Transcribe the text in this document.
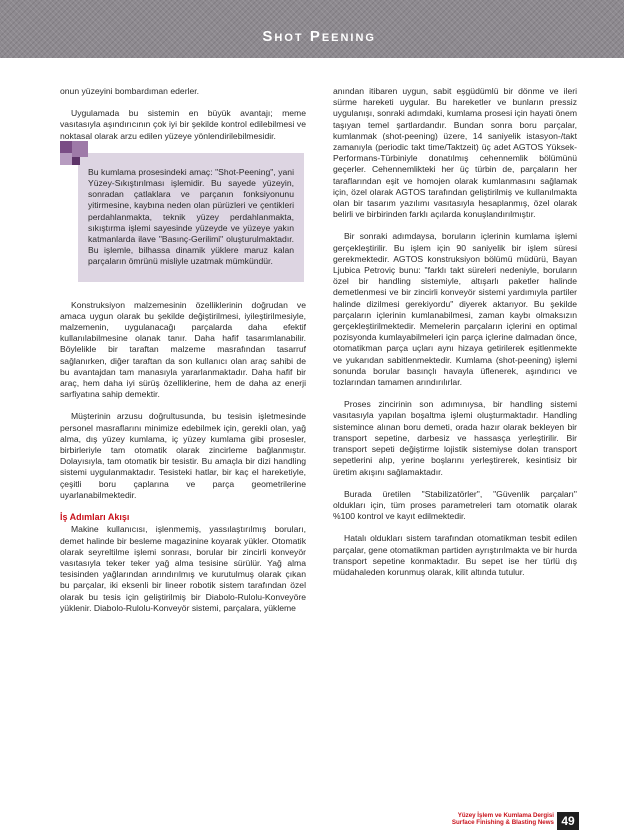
Shot Peening

onun yüzeyini bombardıman ederler.

Uygulamada bu sistemin en büyük avantajı; meme vasıtasıyla aşındırıcının çok iyi bir şekilde kontrol edilebilmesi ve noktasal olarak arzu edilen yüzeye yönlendirilebilmesidir.

Bu kumlama prosesindeki amaç: "Shot-Peening", yani Yüzey-Sıkıştırılması işlemidir. Bu sayede yüzeyin, sonradan çatlaklara ve parçanın fonksiyonunu yitirmesine, kaybına neden olan pürüzleri ve çentikleri perdahlanmakta, teknik yüzey perdahlanmakta, sıkıştırma işlemi sayesinde yüzeyde ve yüzeye yakın katmanlarda ilave "Basınç-Gerilimi" oluşturulmaktadır. Bu işlemle, bilhassa dinamik yüklere maruz kalan parçaların ömrünü misliyle uzatmak mümkündür.

Konstruksiyon malzemesinin özelliklerinin doğrudan ve amaca uygun olarak bu şekilde değiştirilmesi, iyileştirilmesiyle, malzemenin, uygulanacağı parçalarda daha efektif kullanılabilmesine olanak tanır. Daha hafif tasarımlanabilir. Böylelikle bir taraftan malzeme masrafından tasarruf sağlanırken, diğer taraftan da son kullanıcı olan araç sahibi de bu avantajdan tam manasıyla yararlanmaktadır. Daha hafif bir araç, hem daha iyi sürüş özelliklerine, hem de daha az enerji sarfiyatına sahip demektir.

Müşterinin arzusu doğrultusunda, bu tesisin işletmesinde personel masraflarını minimize edebilmek için, gerekli olan, yağ alma, dış yüzey kumlama, iç yüzey kumlama gibi prosesler, birbirleriyle tam otomatik olarak zincirleme bağlanmıştır. Dolayısıyla, tam otomatik bir tesistir. Bu amaçla bir dizi handling sistemi uygulanmaktadır. Tesisteki hatlar, bir kaç el hareketiyle, çeşitli boru çaplarına ve parça geometrilerine uyarlanabilmektedir.

İş Adımları Akışı

Makine kullanıcısı, işlenmemiş, yassılaştırılmış boruları, demet halinde bir besleme magazinine koyarak yükler. Otomatik olarak seyreltilme işlemi sonrası, borular bir zincirli konveyör vasıtasıyla teker teker yağ alma tesisine sürülür. Yağ alma tesisinden yağlarından arındırılmış ve kurutulmuş olarak çıkan bu parçalar, iki eksenli bir lineer robotik sistem tarafından özel olarak bu tesis için geliştirilmiş bir Diabolo-Rulolu-Konveyöre yüklenir. Diabolo-Rulolu-Konveyör sistemi, parçalara, yükleme

anından itibaren uygun, sabit eşgüdümlü bir dönme ve ileri sürme hareketi uygular. Bu hareketler ve bunların pressiz uygulanışı, sonraki adımdaki, kumlama prosesi için hayati önem taşıyan temel şartlardandır. Bundan sonra boru parçalar, kumlanmak (shot-peening) üzere, 14 saniyelik istasyon-/takt zamanıyla (periodic takt time/Taktzeit) üç adet AGTOS Yüksek-Performans-Türbiniyle donatılmış cehennemlik bölümünü geçerler. Cehennemlikteki her üç türbin de, parçaların her taraflarından eşit ve homojen olarak kumlanmasını sağlamak için, özel olarak AGTOS tarafından geliştirilmiş ve kullanılmakta olan bir tasarım yazılımı vasıtasıyla hesaplanmış, özel olarak belirli ve birbirinden farklı açılarda konuşlandırılmıştır.

Bir sonraki adımdaysa, boruların içlerinin kumlama işlemi gerçekleştirilir. Bu işlem için 90 saniyelik bir işlem süresi gerekmektedir. AGTOS konstruksiyon bölümü müdürü, Bayan Ljubica Petroviç bunu: "farklı takt süreleri nedeniyle, boruların özel bir handling sistemiyle, altışarlı paketler halinde demetlenmesi ve bir zincirli konveyör sistemi yardımıyla partiler halinde dizilmesi gerekiyordu" diyerek aktarıyor. Bu şekilde parçaların içlerinin kumlanabilmesi, zaman kaybı olmaksızın gerçekleştirilmektedir. Memelerin parçaların içlerini en optimal pozisyonda kumlayabilmeleri için parça içlerine dalmadan önce, otomatikman parça uçları aynı hizaya getirilerek eşitlenmekte ve yukarıdan sabitlenmektedir. Kumlama (shot-peening) işlemi sonunda borular basınçlı havayla üflenerek, aşındırıcı ve tozlarından tamamen arındırılırlar.

Proses zincirinin son adımınıysa, bir handling sistemi vasıtasıyla yapılan boşaltma işlemi oluşturmaktadır. Handling sistemince alınan boru demeti, orada hazır olarak bekleyen bir transport sepetine, darbesiz ve hassasça yerleştirilir. Bir transport sepeti değiştirme lojistik sistemiyse dolan transport sepetlerini alıp, yerine boşlarını yerleştirerek, kesintisiz bir üretim akışını sağlamaktadır.

Burada üretilen "Stabilizatörler", "Güvenlik parçaları" oldukları için, tüm proses parametreleri tam otomatik olarak %100 kontrol ve kayıt edilmektedir.

Hatalı oldukları sistem tarafından otomatikman tesbit edilen parçalar, gene otomatikman partiden ayrıştırılmakta ve bir hurda transport sepetine konmaktadır. Bu sepet ise her türlü dış müdahaleden korunmuş olarak, kilit altında tutulur.

Yüzey İşlem ve Kumlama Dergisi
Surface Finishing & Blasting News 49
